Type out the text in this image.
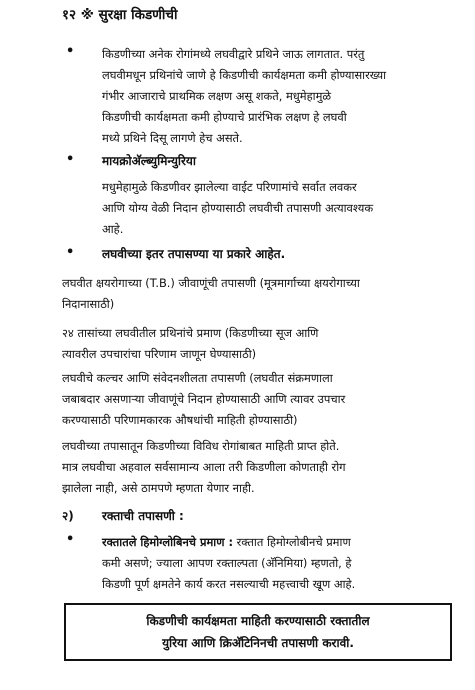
१२ ※ सुरक्षा किडणीची
• किडणीच्या अनेक रोगांमध्ये लघवीद्वारे प्रथिने जाऊ लागतात. परंतु
लघवीमधून प्रथिनांचे जाणे हे किडणीची कार्यक्षमता कमी होण्यासारख्या
गंभीर आजाराचे प्राथमिक लक्षण असू शकते, मधुमेहामुळे
किडणीची कार्यक्षमता कमी होण्याचे प्रारंभिक लक्षण हे लघवी
मध्ये प्रथिने दिसू लागणे हेच असते.
• मायक्रोअ‍ॅल्ब्युमिन्युरिया
मधुमेहामुळे किडणीवर झालेल्या वाईट परिणामांचे सर्वात लवकर
आणि योग्य वेळी निदान होण्यासाठी लघवीची तपासणी अत्यावश्यक
आहे.
• लघवीच्या इतर तपासण्या या प्रकारे आहेत.
लघवीत क्षयरोगाच्या (T.B.) जीवाणूंची तपासणी (मूत्रमार्गाच्या क्षयरोगाच्या
निदानासाठी)
२४ तासांच्या लघवीतील प्रथिनांचे प्रमाण (किडणीच्या सूज आणि
त्यावरील उपचारांचा परिणाम जाणून घेण्यासाठी)
लघवीचे कल्चर आणि संवेदनशीलता तपासणी (लघवीत संक्रमणाला
जबाबदार असणाऱ्या जीवाणूंचे निदान होण्यासाठी आणि त्यावर उपचार
करण्यासाठी परिणामकारक औषधांची माहिती होण्यासाठी)
लघवीच्या तपासातून किडणीच्या विविध रोगांबाबत माहिती प्राप्त होते.
मात्र लघवीचा अहवाल सर्वसामान्य आला तरी किडणीला कोणताही रोग
झालेला नाही, असे ठामपणे म्हणता येणार नाही.
२) रक्ताची तपासणी :
• रक्तातले हिमोग्लोबिनचे प्रमाण : रक्तात हिमोग्लोबीनचे प्रमाण
कमी असणे; ज्याला आपण रक्ताल्पता (अ‍ॅनिमिया) म्हणतो, हे
किडणी पूर्ण क्षमतेने कार्य करत नसल्याची महत्त्वाची खूण आहे.
किडणीची कार्यक्षमता माहिती करण्यासाठी रक्तातील
युरिया आणि क्रिअ‍ॅटिनिनची तपासणी करावी.
